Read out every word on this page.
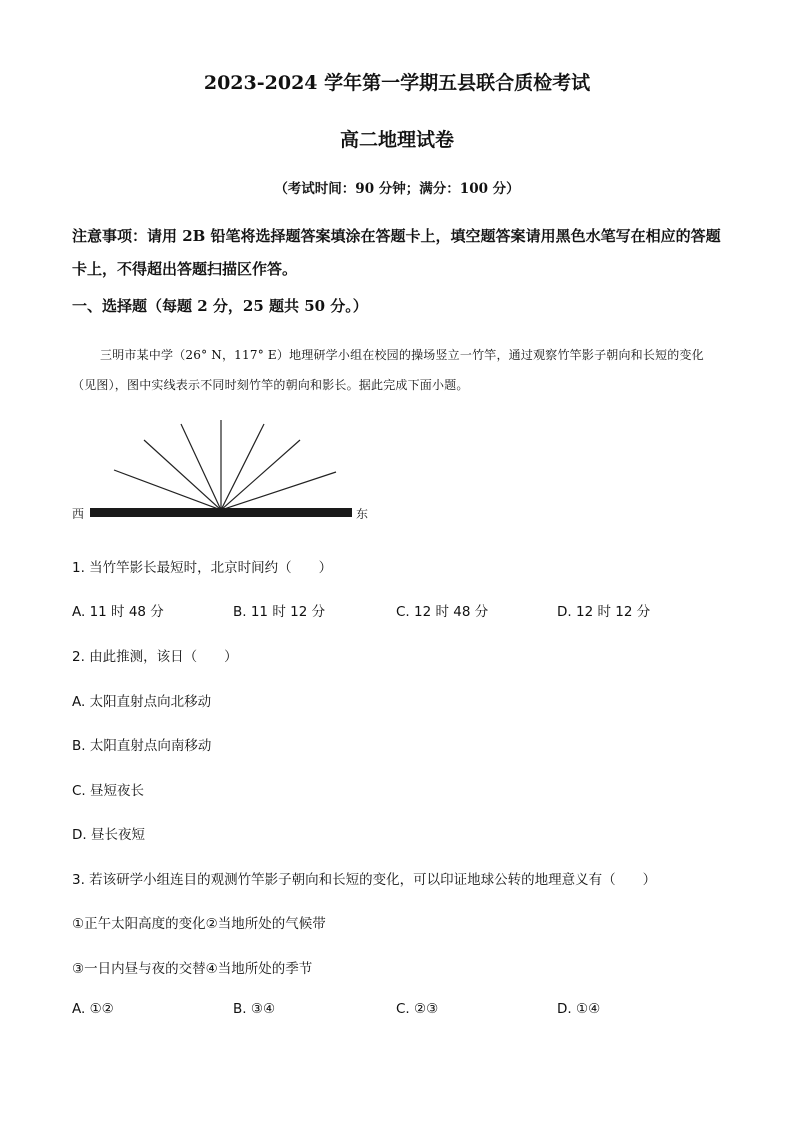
2023-2024 学年第一学期五县联合质检考试
高二地理试卷
（考试时间：90 分钟；满分：100 分）
注意事项：请用 2B 铅笔将选择题答案填涂在答题卡上，填空题答案请用黑色水笔写在相应的答题卡上，不得超出答题扫描区作答。
一、选择题（每题 2 分，25 题共 50 分。）
三明市某中学（26° N，117° E）地理研学小组在校园的操场竖立一竹竿，通过观察竹竿影子朝向和长短的变化（见图），图中实线表示不同时刻竹竿的朝向和影长。据此完成下面小题。
西	东
1. 当竹竿影长最短时，北京时间约（　　）
A. 11 时 48 分	B. 11 时 12 分	C. 12 时 48 分	D. 12 时 12 分
2. 由此推测，该日（　　）
A. 太阳直射点向北移动
B. 太阳直射点向南移动
C. 昼短夜长
D. 昼长夜短
3. 若该研学小组连目的观测竹竿影子朝向和长短的变化，可以印证地球公转的地理意义有（　　）
①正午太阳高度的变化②当地所处的气候带
③一日内昼与夜的交替④当地所处的季节
A. ①②	B. ③④	C. ②③	D. ①④
